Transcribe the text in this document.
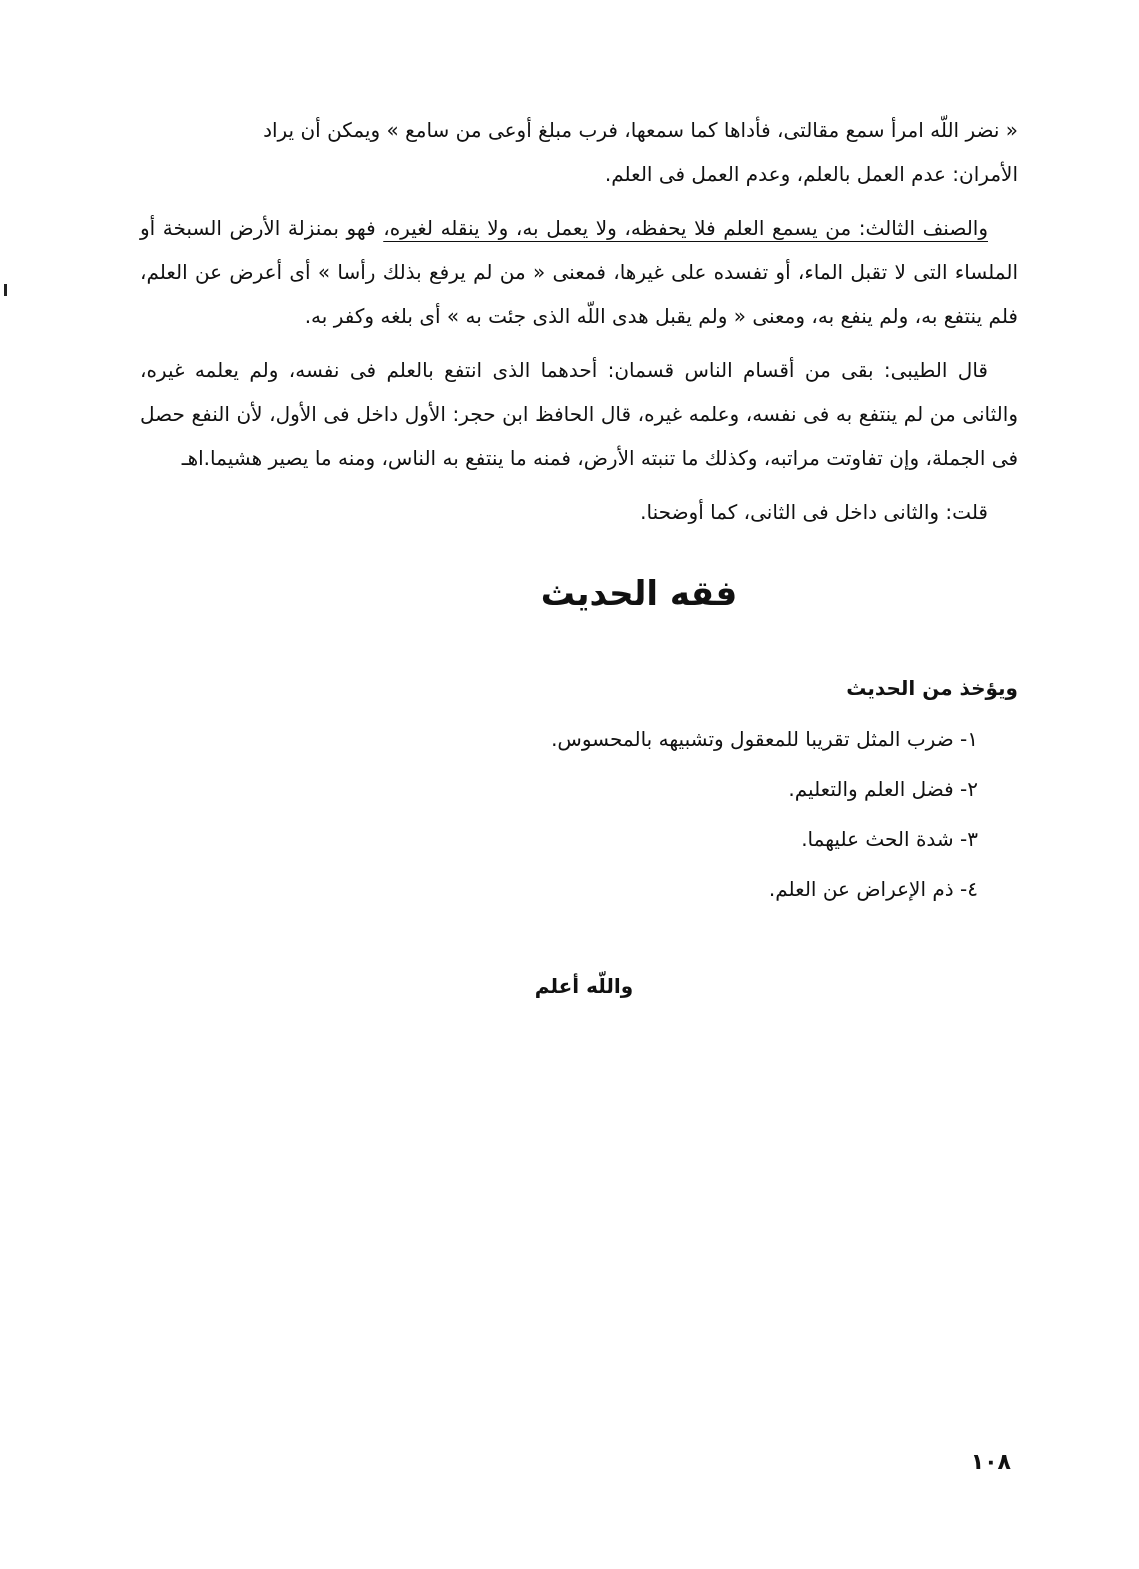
« نضر اللّه امرأ سمع مقالتى، فأداها كما سمعها، فرب مبلغ أوعى من سامع » ويمكن أن يراد
الأمران: عدم العمل بالعلم، وعدم العمل فى العلم.

والصنف الثالث: من يسمع العلم فلا يحفظه، ولا يعمل به، ولا ينقله لغيره، فهو بمنزلة الأرض السبخة أو الملساء التى لا تقبل الماء، أو تفسده على غيرها، فمعنى « من لم يرفع بذلك رأسا » أى أعرض عن العلم، فلم ينتفع به، ولم ينفع به، ومعنى « ولم يقبل هدى اللّه الذى جئت به » أى بلغه وكفر به.

قال الطيبى: بقى من أقسام الناس قسمان: أحدهما الذى انتفع بالعلم فى نفسه، ولم يعلمه غيره، والثانى من لم ينتفع به فى نفسه، وعلمه غيره، قال الحافظ ابن حجر: الأول داخل فى الأول، لأن النفع حصل فى الجملة، وإن تفاوتت مراتبه، وكذلك ما تنبته الأرض، فمنه ما ينتفع به الناس، ومنه ما يصير هشيما.اهـ

قلت: والثانى داخل فى الثانى، كما أوضحنا.

فقه الحديث
ويؤخذ من الحديث
١- ضرب المثل تقريبا للمعقول وتشبيهه بالمحسوس.
٢- فضل العلم والتعليم.
٣- شدة الحث عليهما.
٤- ذم الإعراض عن العلم.
واللّه أعلم
١٠٨
